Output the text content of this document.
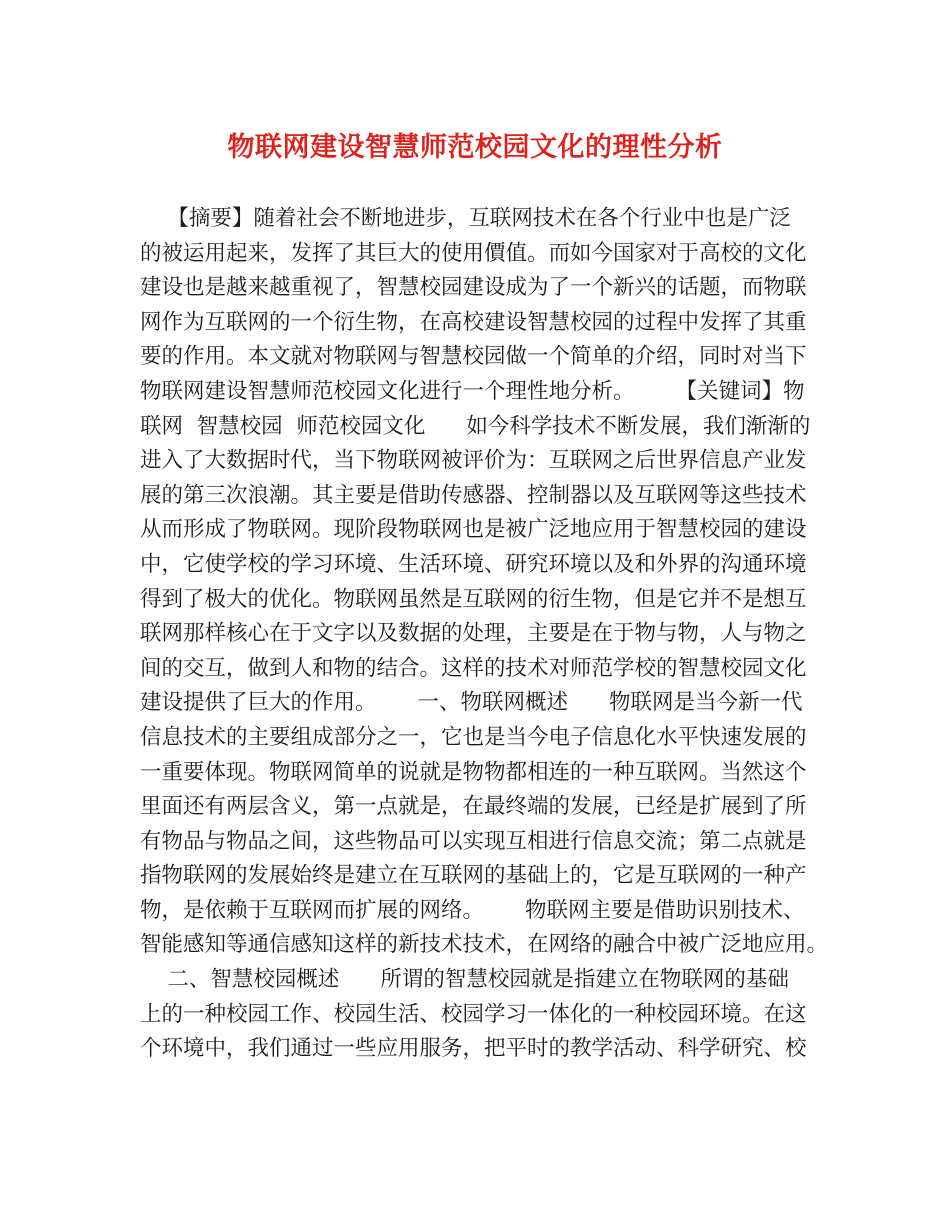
物联网建设智慧师范校园文化的理性分析
【摘要】随着社会不断地进步，互联网技术在各个行业中也是广泛
的被运用起来，发挥了其巨大的使用價值。而如今国家对于高校的文化
建设也是越来越重视了，智慧校园建设成为了一个新兴的话题，而物联
网作为互联网的一个衍生物，在高校建设智慧校园的过程中发挥了其重
要的作用。本文就对物联网与智慧校园做一个简单的介绍，同时对当下
物联网建设智慧师范校园文化进行一个理性地分析。      【关键词】物
联网  智慧校园  师范校园文化      如今科学技术不断发展，我们渐渐的
进入了大数据时代，当下物联网被评价为：互联网之后世界信息产业发
展的第三次浪潮。其主要是借助传感器、控制器以及互联网等这些技术
从而形成了物联网。现阶段物联网也是被广泛地应用于智慧校园的建设
中，它使学校的学习环境、生活环境、研究环境以及和外界的沟通环境
得到了极大的优化。物联网虽然是互联网的衍生物，但是它并不是想互
联网那样核心在于文字以及数据的处理，主要是在于物与物，人与物之
间的交互，做到人和物的结合。这样的技术对师范学校的智慧校园文化
建设提供了巨大的作用。      一、物联网概述      物联网是当今新一代
信息技术的主要组成部分之一，它也是当今电子信息化水平快速发展的
一重要体现。物联网简单的说就是物物都相连的一种互联网。当然这个
里面还有两层含义，第一点就是，在最终端的发展，已经是扩展到了所
有物品与物品之间，这些物品可以实现互相进行信息交流；第二点就是
指物联网的发展始终是建立在互联网的基础上的，它是互联网的一种产
物，是依赖于互联网而扩展的网络。      物联网主要是借助识别技术、
智能感知等通信感知这样的新技术技术，在网络的融合中被广泛地应用。
二、智慧校园概述      所谓的智慧校园就是指建立在物联网的基础
上的一种校园工作、校园生活、校园学习一体化的一种校园环境。在这
个环境中，我们通过一些应用服务，把平时的教学活动、科学研究、校
